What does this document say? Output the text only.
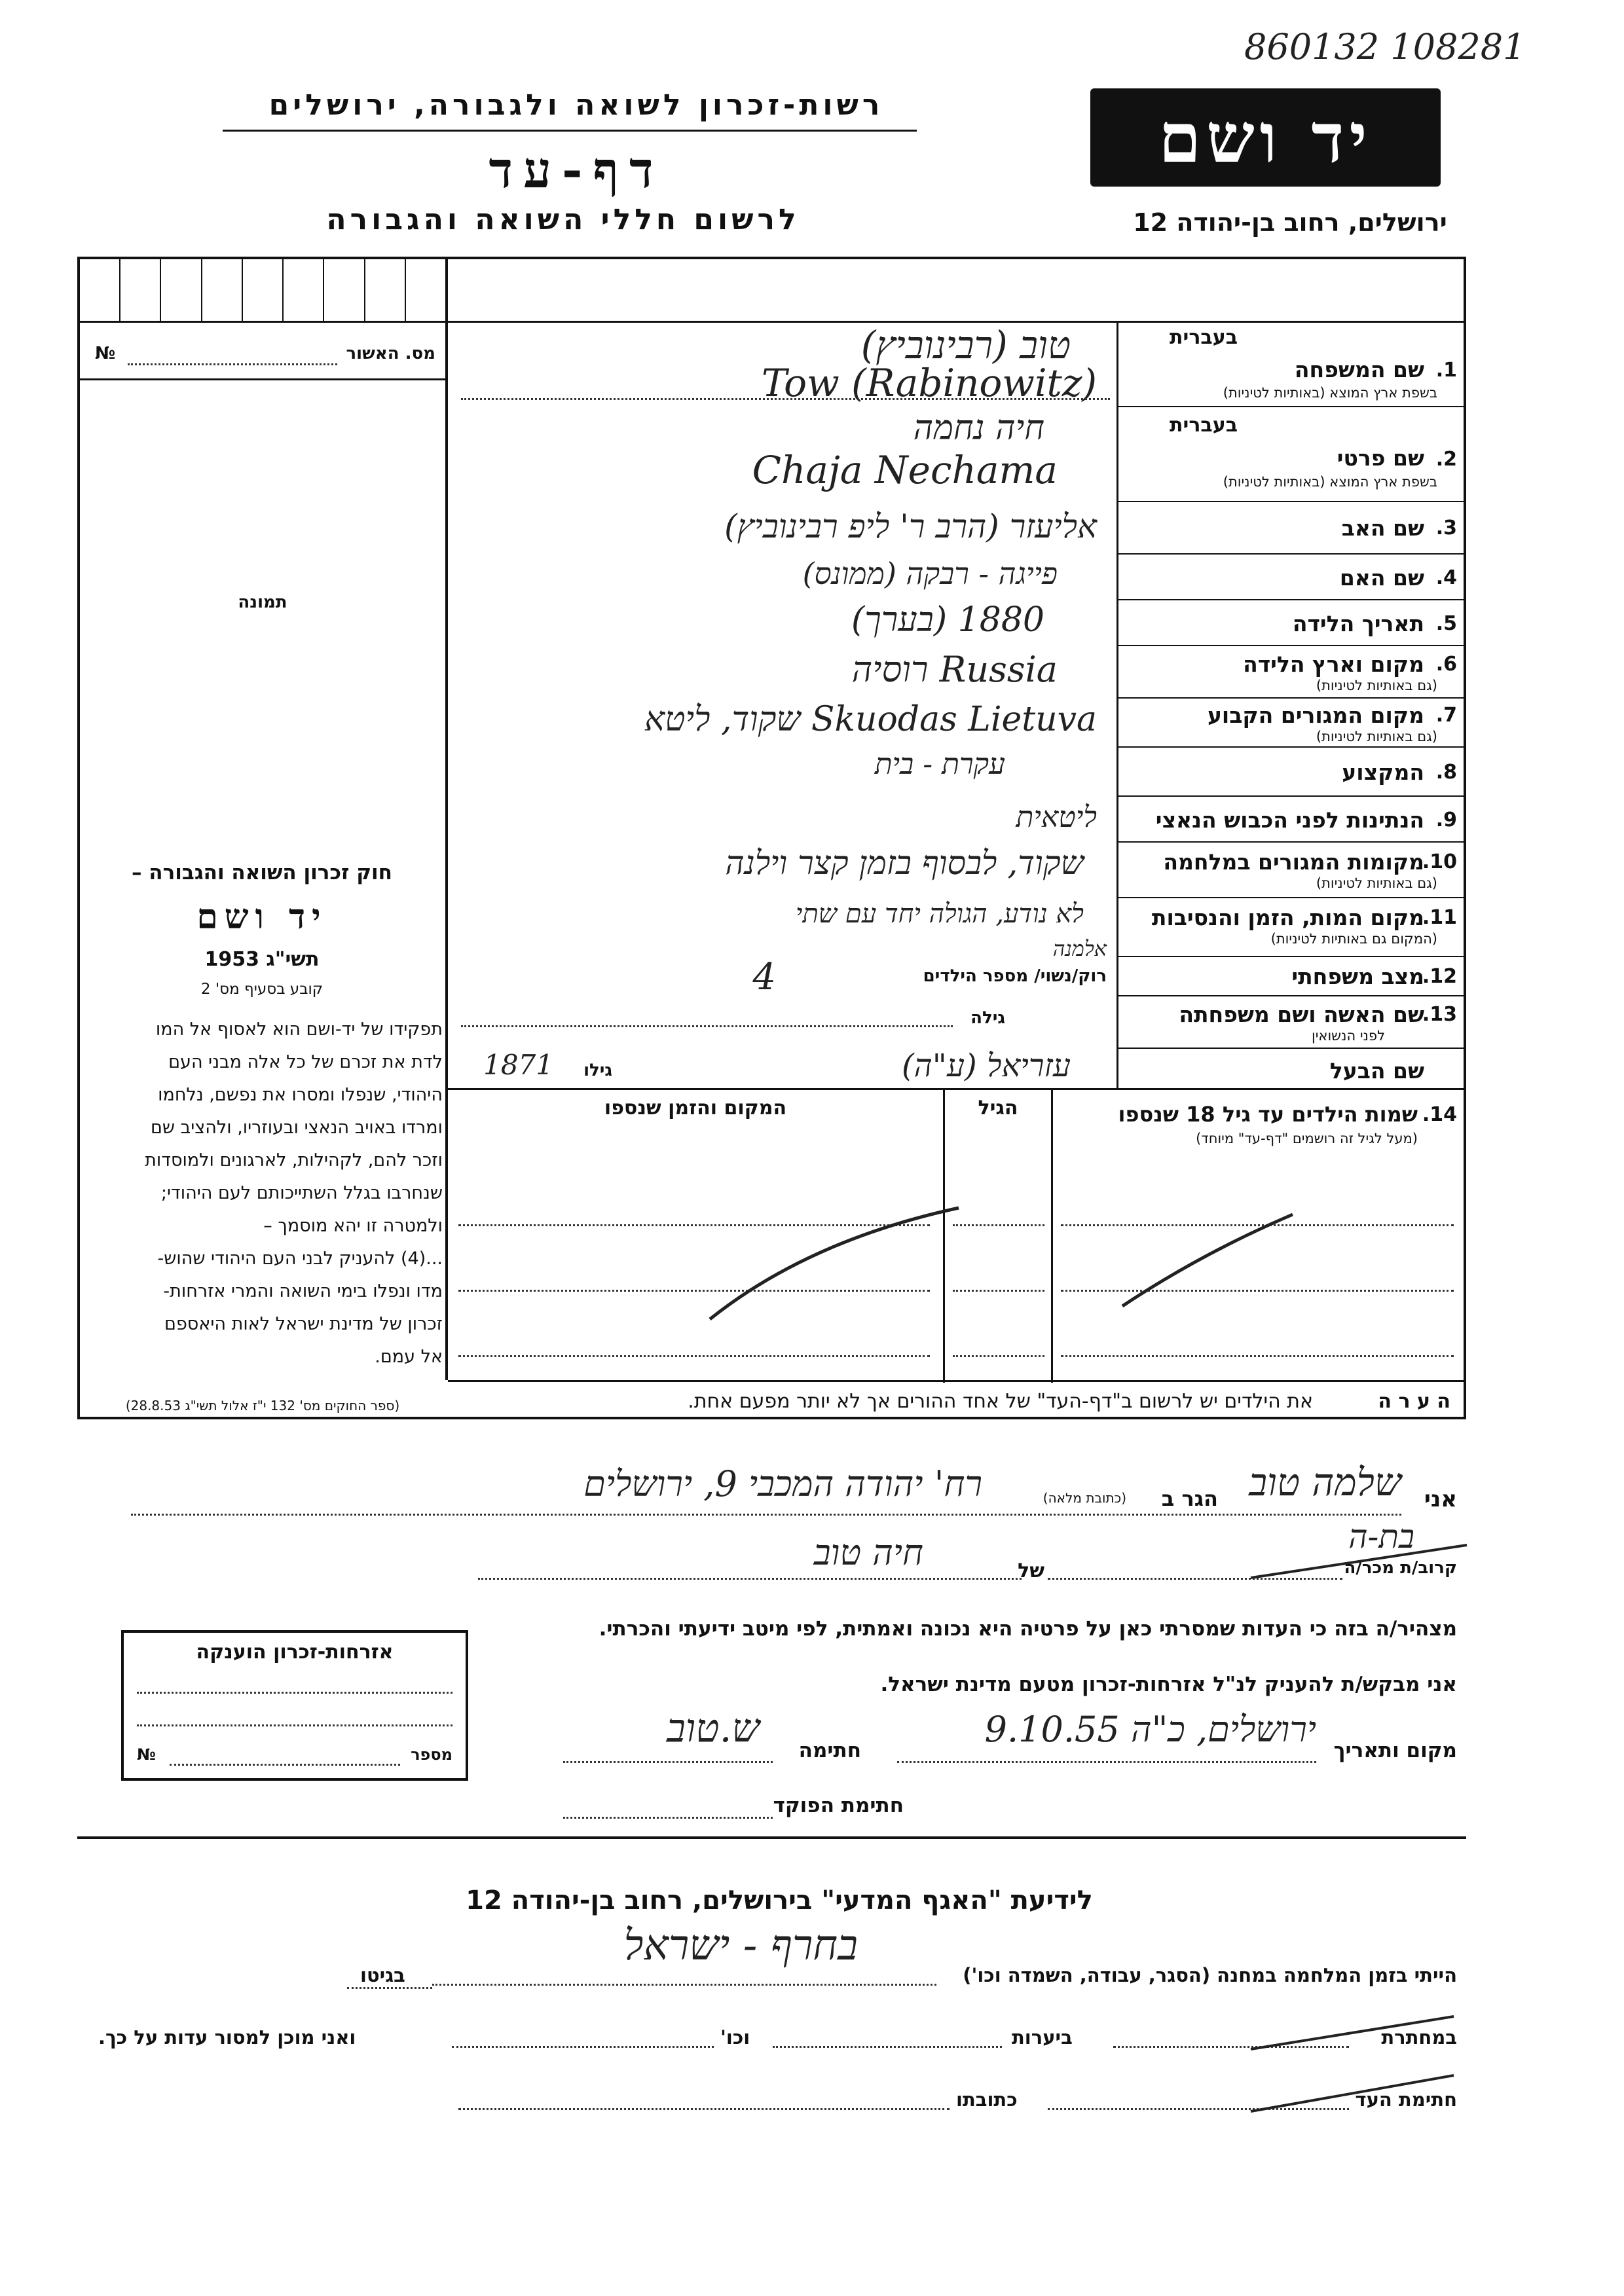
860132 108281
יד ושם
רשות-זכרון לשואה ולגבורה, ירושלים
דף-עד
לרשום חללי השואה והגבורה	ירושלים, רחוב בן-יהודה 12
מס. האשור
№
תמונה
חוק זכרון השואה והגבורה –
יד ושם
תשי"ג 1953
קובע בסעיף מס' 2
תפקידו של יד-ושם הוא לאסוף אל המו
לדת את זכרם של כל אלה מבני העם
היהודי, שנפלו ומסרו את נפשם, נלחמו
ומרדו באויב הנאצי ובעוזריו, ולהציב שם
וזכר להם, לקהילות, לארגונים ולמוסדות
שנחרבו בגלל השתייכותם לעם היהודי;
ולמטרה זו יהא מוסמך –
...(4) להעניק לבני העם היהודי שהוש-
מדו ונפלו בימי השואה והמרי אזרחות-
זכרון של מדינת ישראל לאות היאספם
אל עמם.
(ספר החוקים מס' 132 י"ז אלול תשי"ג 28.8.53)
בעברית
1.
שם המשפחה
בשפת ארץ המוצא (באותיות לטיניות)
טוב (רבינוביץ)
Tow (Rabinowitz)
בעברית
2.
שם פרטי
בשפת ארץ המוצא (באותיות לטיניות)
חיה נחמה
Chaja Nechama
3.
שם האב
אליעזר (הרב ר' ליפ רבינוביץ)
4.
שם האם
פייגה - רבקה (ממונס)
5.
תאריך הלידה
1880 (בערך)
6.
מקום וארץ הלידה
(גם באותיות לטיניות)
Russia רוסיה
7.
מקום המגורים הקבוע
(גם באותיות לטיניות)
Skuodas Lietuva שקוד, ליטא
8.
המקצוע
עקרת - בית
9.
הנתינות לפני הכבוש הנאצי
ליטאית
10.
מקומות המגורים במלחמה
(גם באותיות לטיניות)
שקוד, לבסוף בזמן קצר וילנה
11.
מקום המות, הזמן והנסיבות
(המקום גם באותיות לטיניות)
לא נודע, הגולה יחד עם שתי
12.
מצב משפחתי
רוק/נשוי/ מספר הילדים
אלמנה
4
13.
שם האשה ושם משפחתה
לפני הנשואין
גילה
שם הבעל
עזריאל (ע"ה)
גילו
1871
14.
שמות הילדים עד גיל 18 שנספו
(מעל לגיל זה רושמים "דף-עד" מיוחד)
הגיל
המקום והזמן שנספו
ה ע ר ה
את הילדים יש לרשום ב"דף-העד" של אחד ההורים אך לא יותר מפעם אחת.
אני
שלמה טוב
הגר ב
(כתובת מלאה)
רח' יהודה המכבי 9, ירושלים
בת-ה
קרוב/ת מכר/ה
של
חיה טוב
מצהיר/ה בזה כי העדות שמסרתי כאן על פרטיה היא נכונה ואמתית, לפי מיטב ידיעתי והכרתי.
אני מבקש/ת להעניק לנ"ל אזרחות-זכרון מטעם מדינת ישראל.
מקום ותאריך
ירושלים, כ"ה 9.10.55
חתימה
ש.טוב
חתימת הפוקד
אזרחות-זכרון הוענקה
מספר
№
לידיעת "האגף המדעי" בירושלים, רחוב בן-יהודה 12
הייתי בזמן המלחמה במחנה (הסגר, עבודה, השמדה וכו')
בחרף - ישראל
בגיטו
במחתרת
ביערות
וכו'
ואני מוכן למסור עדות על כך.
חתימת העד
כתובתו
